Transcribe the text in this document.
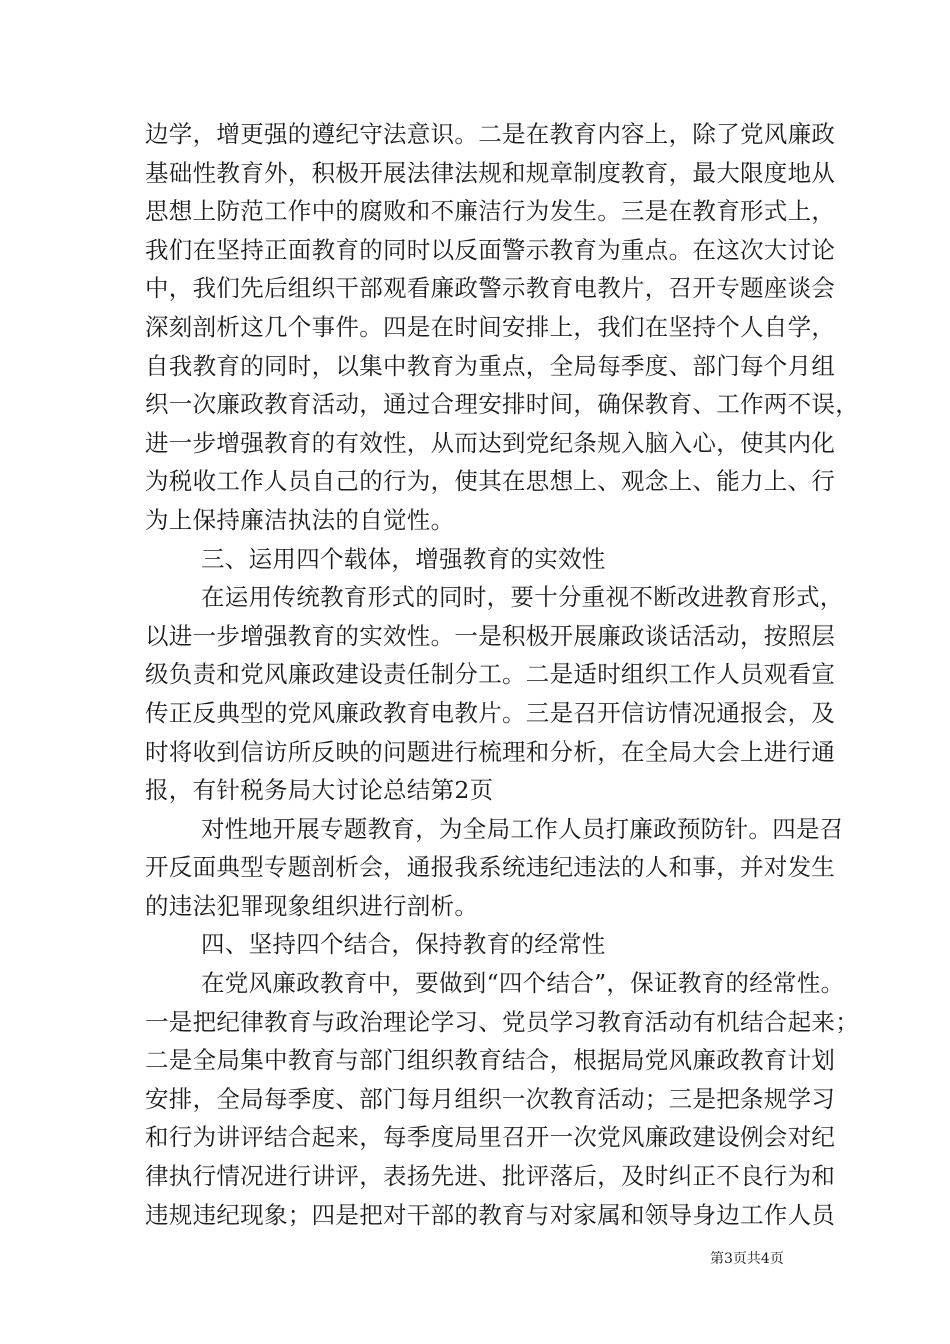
边学，增更强的遵纪守法意识。二是在教育内容上，除了党风廉政
基础性教育外，积极开展法律法规和规章制度教育，最大限度地从
思想上防范工作中的腐败和不廉洁行为发生。三是在教育形式上，
我们在坚持正面教育的同时以反面警示教育为重点。在这次大讨论
中，我们先后组织干部观看廉政警示教育电教片，召开专题座谈会
深刻剖析这几个事件。四是在时间安排上，我们在坚持个人自学，
自我教育的同时，以集中教育为重点，全局每季度、部门每个月组
织一次廉政教育活动，通过合理安排时间，确保教育、工作两不误，
进一步增强教育的有效性，从而达到党纪条规入脑入心，使其内化
为税收工作人员自己的行为，使其在思想上、观念上、能力上、行
为上保持廉洁执法的自觉性。
三、运用四个载体，增强教育的实效性
在运用传统教育形式的同时，要十分重视不断改进教育形式，
以进一步增强教育的实效性。一是积极开展廉政谈话活动，按照层
级负责和党风廉政建设责任制分工。二是适时组织工作人员观看宣
传正反典型的党风廉政教育电教片。三是召开信访情况通报会，及
时将收到信访所反映的问题进行梳理和分析，在全局大会上进行通
报，有针税务局大讨论总结第2页
对性地开展专题教育，为全局工作人员打廉政预防针。四是召
开反面典型专题剖析会，通报我系统违纪违法的人和事，并对发生
的违法犯罪现象组织进行剖析。
四、坚持四个结合，保持教育的经常性
在党风廉政教育中，要做到“四个结合”，保证教育的经常性。
一是把纪律教育与政治理论学习、党员学习教育活动有机结合起来；
二是全局集中教育与部门组织教育结合，根据局党风廉政教育计划
安排，全局每季度、部门每月组织一次教育活动；三是把条规学习
和行为讲评结合起来，每季度局里召开一次党风廉政建设例会对纪
律执行情况进行讲评，表扬先进、批评落后，及时纠正不良行为和
违规违纪现象；四是把对干部的教育与对家属和领导身边工作人员
第3页共4页
